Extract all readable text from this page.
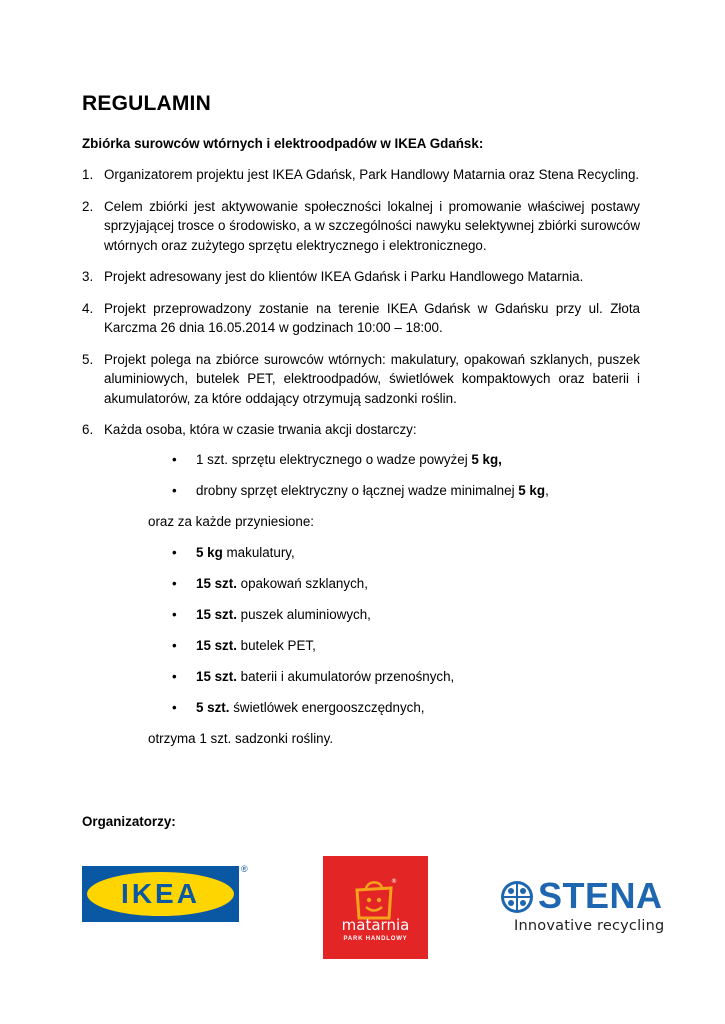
REGULAMIN

Zbiórka surowców wtórnych i elektroodpadów w IKEA Gdańsk:

1. Organizatorem projektu jest IKEA Gdańsk, Park Handlowy Matarnia oraz Stena Recycling.
2. Celem zbiórki jest aktywowanie społeczności lokalnej i promowanie właściwej postawy sprzyjającej trosce o środowisko, a w szczególności nawyku selektywnej zbiórki surowców wtórnych oraz zużytego sprzętu elektrycznego i elektronicznego.
3. Projekt adresowany jest do klientów IKEA Gdańsk i Parku Handlowego Matarnia.
4. Projekt przeprowadzony zostanie na terenie IKEA Gdańsk w Gdańsku przy ul. Złota Karczma 26 dnia 16.05.2014 w godzinach 10:00 – 18:00.
5. Projekt polega na zbiórce surowców wtórnych: makulatury, opakowań szklanych, puszek aluminiowych, butelek PET, elektroodpadów, świetlówek kompaktowych oraz baterii i akumulatorów, za które oddający otrzymują sadzonki roślin.
6. Każda osoba, która w czasie trwania akcji dostarczy:
• 1 szt. sprzętu elektrycznego o wadze powyżej 5 kg,
• drobny sprzęt elektryczny o łącznej wadze minimalnej 5 kg,
oraz za każde przyniesione:
• 5 kg makulatury,
• 15 szt. opakowań szklanych,
• 15 szt. puszek aluminiowych,
• 15 szt. butelek PET,
• 15 szt. baterii i akumulatorów przenośnych,
• 5 szt. świetlówek energooszczędnych,
otrzyma 1 szt. sadzonki rośliny.

Organizatorzy:

IKEA
®
®
matarnia
PARK HANDLOWY
STENA
Innovative recycling
